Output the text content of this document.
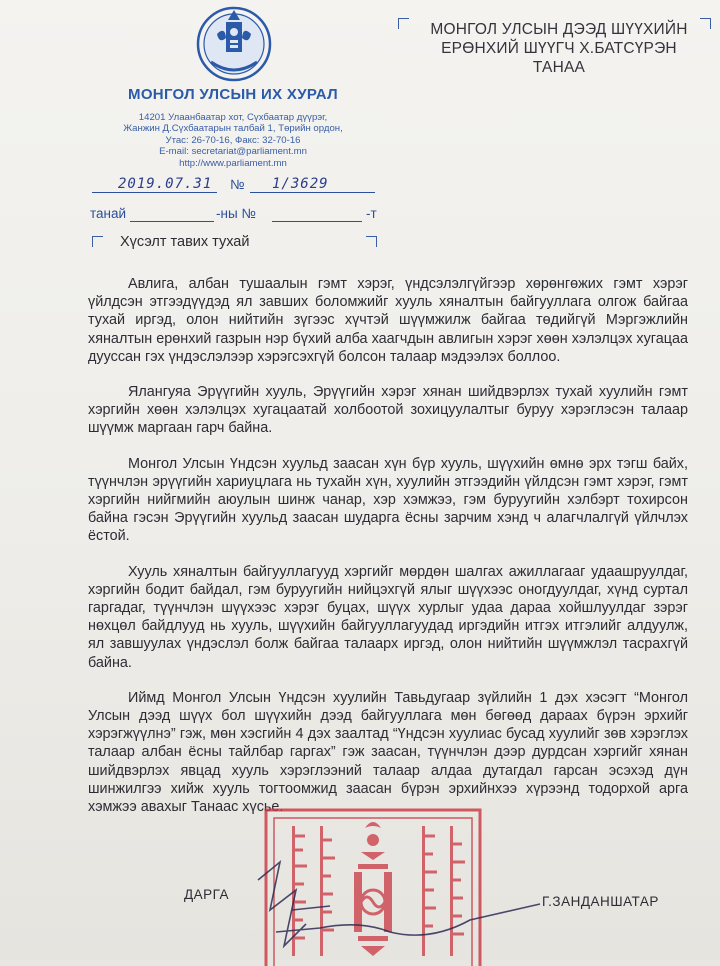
МОНГОЛ УЛСЫН ИХ ХУРАЛ
14201 Улаанбаатар хот, Сүхбаатар дүүрэг,
Жанжин Д.Сүхбаатарын талбай 1, Төрийн ордон,
Утас: 26-70-16, Факс: 32-70-16
E-mail: secretariat@parliament.mn
http://www.parliament.mn
МОНГОЛ УЛСЫН ДЭЭД ШҮҮХИЙН
ЕРӨНХИЙ ШҮҮГЧ Х.БАТСҮРЭН
ТАНАА
2019.07.31 № 1/3629
танай	-ны №	-т
Хүсэлт тавих тухай

Авлига, албан тушаалын гэмт хэрэг, үндсэлэлгүйгээр хөрөнгөжих гэмт хэрэг үйлдсэн этгээдүүдэд ял завших боломжийг хууль хяналтын байгууллага олгож байгаа тухай иргэд, олон нийтийн зүгээс хүчтэй шүүмжилж байгаа төдийгүй Мэргэжлийн хяналтын ерөнхий газрын нэр бүхий алба хаагчдын авлигын хэрэг хөөн хэлэлцэх хугацаа дууссан гэх үндэслэлээр хэрэгсэхгүй болсон талаар мэдээлэх боллоо.

Ялангуяа Эрүүгийн хууль, Эрүүгийн хэрэг хянан шийдвэрлэх тухай хуулийн гэмт хэргийн хөөн хэлэлцэх хугацаатай холбоотой зохицуулалтыг буруу хэрэглэсэн талаар шүүмж маргаан гарч байна.

Монгол Улсын Үндсэн хуульд заасан хүн бүр хууль, шүүхийн өмнө эрх тэгш байх, түүнчлэн эрүүгийн хариуцлага нь тухайн хүн, хуулийн этгээдийн үйлдсэн гэмт хэрэг, гэмт хэргийн нийгмийн аюулын шинж чанар, хэр хэмжээ, гэм буруугийн хэлбэрт тохирсон байна гэсэн Эрүүгийн хуульд заасан шударга ёсны зарчим хэнд ч алагчлалгүй үйлчлэх ёстой.

Хууль хяналтын байгууллагууд хэргийг мөрдөн шалгах ажиллагааг удаашруулдаг, хэргийн бодит байдал, гэм буруугийн нийцэхгүй ялыг шүүхээс оногдуулдаг, хүнд суртал гаргадаг, түүнчлэн шүүхээс хэрэг буцах, шүүх хурлыг удаа дараа хойшлуулдаг зэрэг нөхцөл байдлууд нь хууль, шүүхийн байгууллагуудад иргэдийн итгэх итгэлийг алдуулж, ял завшуулах үндэслэл болж байгаа талаарх иргэд, олон нийтийн шүүмжлэл тасрахгүй байна.

Иймд Монгол Улсын Үндсэн хуулийн Тавьдугаар зүйлийн 1 дэх хэсэгт “Монгол Улсын дээд шүүх бол шүүхийн дээд байгууллага мөн бөгөөд дараах бүрэн эрхийг хэрэгжүүлнэ” гэж, мөн хэсгийн 4 дэх заалтад “Үндсэн хуулиас бусад хуулийг зөв хэрэглэх талаар албан ёсны тайлбар гаргах” гэж заасан, түүнчлэн дээр дурдсан хэргийг хянан шийдвэрлэх явцад хууль хэрэглээний талаар алдаа дутагдал гарсан эсэхэд дүн шинжилгээ хийж хууль тогтоомжид заасан бүрэн эрхийнхээ хүрээнд тодорхой арга хэмжээ авахыг Танаас хүсье.

ДАРГА	Г.ЗАНДАНШАТАР
